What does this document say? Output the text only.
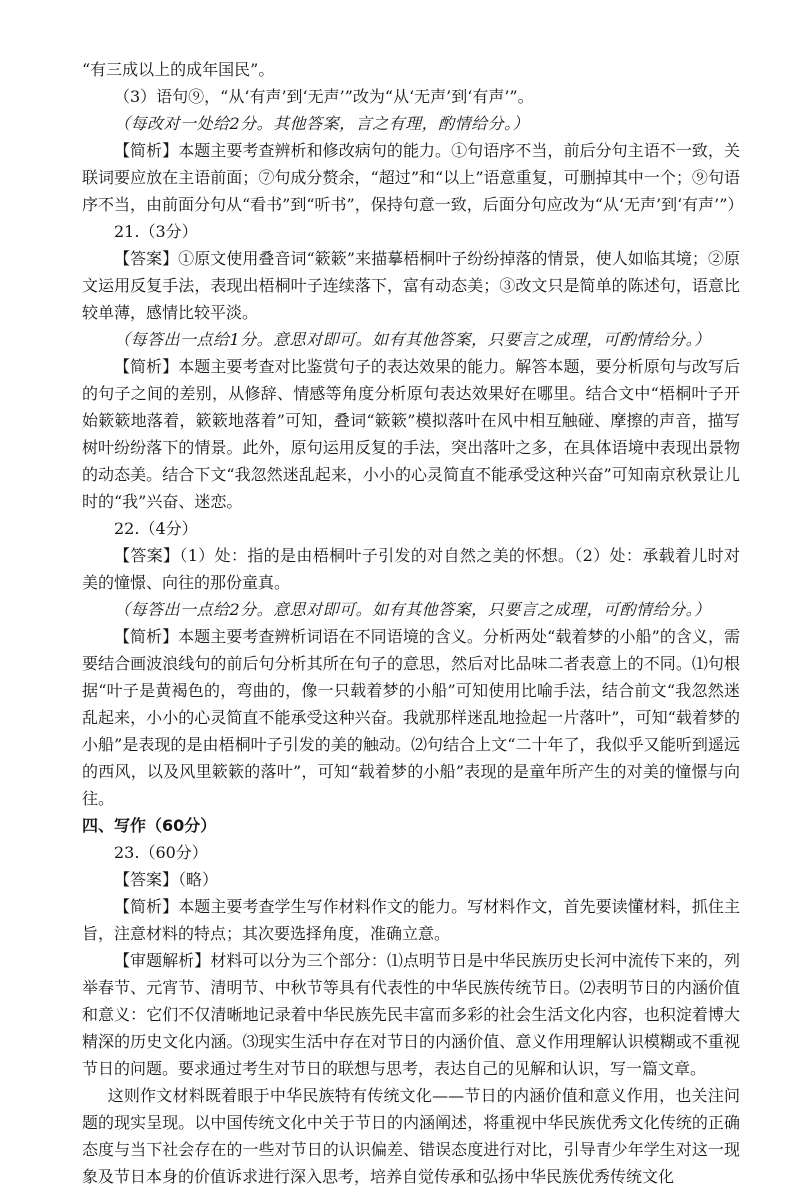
“有三成以上的成年国民”。

（3）语句⑨，“从‘有声’到‘无声’”改为“从‘无声’到‘有声’”。

（每改对一处给2分。其他答案，言之有理，酌情给分。）

【简析】本题主要考查辨析和修改病句的能力。①句语序不当，前后分句主语不一致，关联词要应放在主语前面；⑦句成分赘余，“超过”和“以上”语意重复，可删掉其中一个；⑨句语序不当，由前面分句从“看书”到“听书”，保持句意一致，后面分句应改为“从‘无声’到‘有声’”）

21.（3分）

【答案】①原文使用叠音词“簌簌”来描摹梧桐叶子纷纷掉落的情景，使人如临其境；②原文运用反复手法，表现出梧桐叶子连续落下，富有动态美；③改文只是简单的陈述句，语意比较单薄，感情比较平淡。

（每答出一点给1分。意思对即可。如有其他答案，只要言之成理，可酌情给分。）

【简析】本题主要考查对比鉴赏句子的表达效果的能力。解答本题，要分析原句与改写后的句子之间的差别，从修辞、情感等角度分析原句表达效果好在哪里。结合文中“梧桐叶子开始簌簌地落着，簌簌地落着”可知，叠词“簌簌”模拟落叶在风中相互触碰、摩擦的声音，描写树叶纷纷落下的情景。此外，原句运用反复的手法，突出落叶之多，在具体语境中表现出景物的动态美。结合下文“我忽然迷乱起来，小小的心灵简直不能承受这种兴奋”可知南京秋景让儿时的“我”兴奋、迷恋。

22.（4分）

【答案】（1）处：指的是由梧桐叶子引发的对自然之美的怀想。（2）处：承载着儿时对美的憧憬、向往的那份童真。

（每答出一点给2分。意思对即可。如有其他答案，只要言之成理，可酌情给分。）

【简析】本题主要考查辨析词语在不同语境的含义。分析两处“载着梦的小船”的含义，需要结合画波浪线句的前后句分析其所在句子的意思，然后对比品味二者表意上的不同。⑴句根据“叶子是黄褐色的，弯曲的，像一只载着梦的小船”可知使用比喻手法，结合前文“我忽然迷乱起来，小小的心灵简直不能承受这种兴奋。我就那样迷乱地捡起一片落叶”，可知“载着梦的小船”是表现的是由梧桐叶子引发的美的触动。⑵句结合上文“二十年了，我似乎又能听到遥远的西风，以及风里簌簌的落叶”，可知“载着梦的小船”表现的是童年所产生的对美的憧憬与向往。

四、写作（60分）

23.（60分）

【答案】（略）

【简析】本题主要考查学生写作材料作文的能力。写材料作文，首先要读懂材料，抓住主旨，注意材料的特点；其次要选择角度，准确立意。

【审题解析】材料可以分为三个部分：⑴点明节日是中华民族历史长河中流传下来的，列举春节、元宵节、清明节、中秋节等具有代表性的中华民族传统节日。⑵表明节日的内涵价值和意义：它们不仅清晰地记录着中华民族先民丰富而多彩的社会生活文化内容，也积淀着博大精深的历史文化内涵。⑶现实生活中存在对节日的内涵价值、意义作用理解认识模糊或不重视节日的问题。要求通过考生对节日的联想与思考，表达自己的见解和认识，写一篇文章。

这则作文材料既着眼于中华民族特有传统文化——节日的内涵价值和意义作用，也关注问题的现实呈现。以中国传统文化中关于节日的内涵阐述，将重视中华民族优秀文化传统的正确态度与当下社会存在的一些对节日的认识偏差、错误态度进行对比，引导青少年学生对这一现象及节日本身的价值诉求进行深入思考，培养自觉传承和弘扬中华民族优秀传统文化
